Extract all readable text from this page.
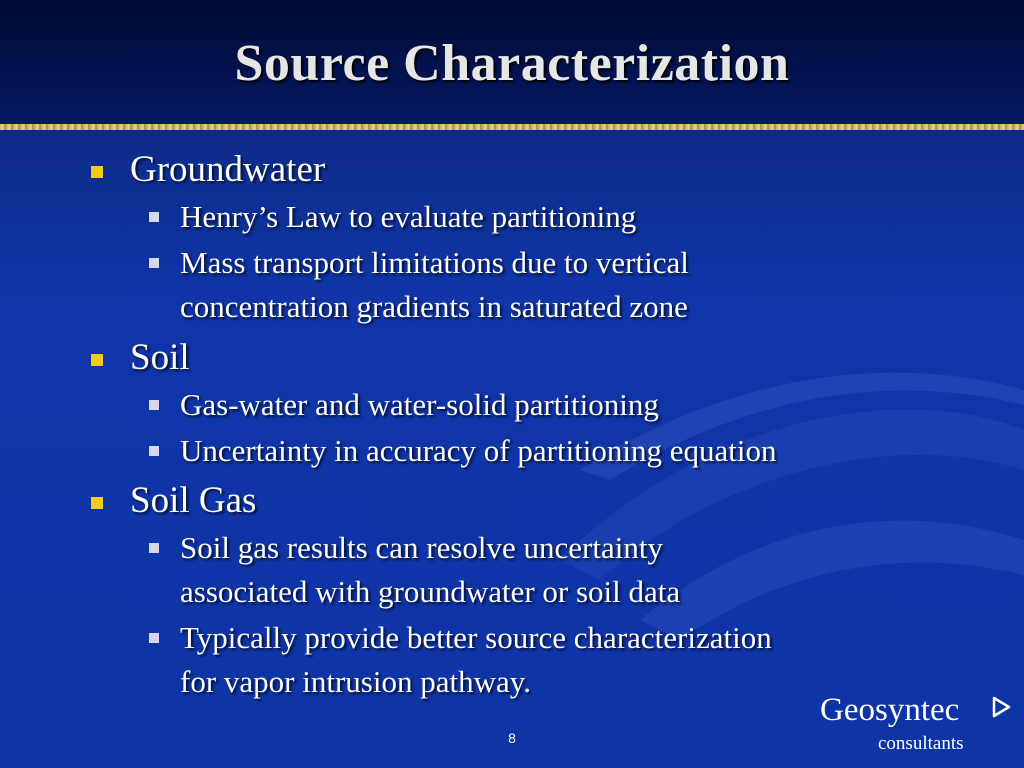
Source Characterization
Groundwater
Henry’s Law to evaluate partitioning
Mass transport limitations due to vertical
concentration gradients in saturated zone
Soil
Gas-water and water-solid partitioning
Uncertainty in accuracy of partitioning equation
Soil Gas
Soil gas results can resolve uncertainty
associated with groundwater or soil data
Typically provide better source characterization
for vapor intrusion pathway.
8
Geosyntec
consultants
